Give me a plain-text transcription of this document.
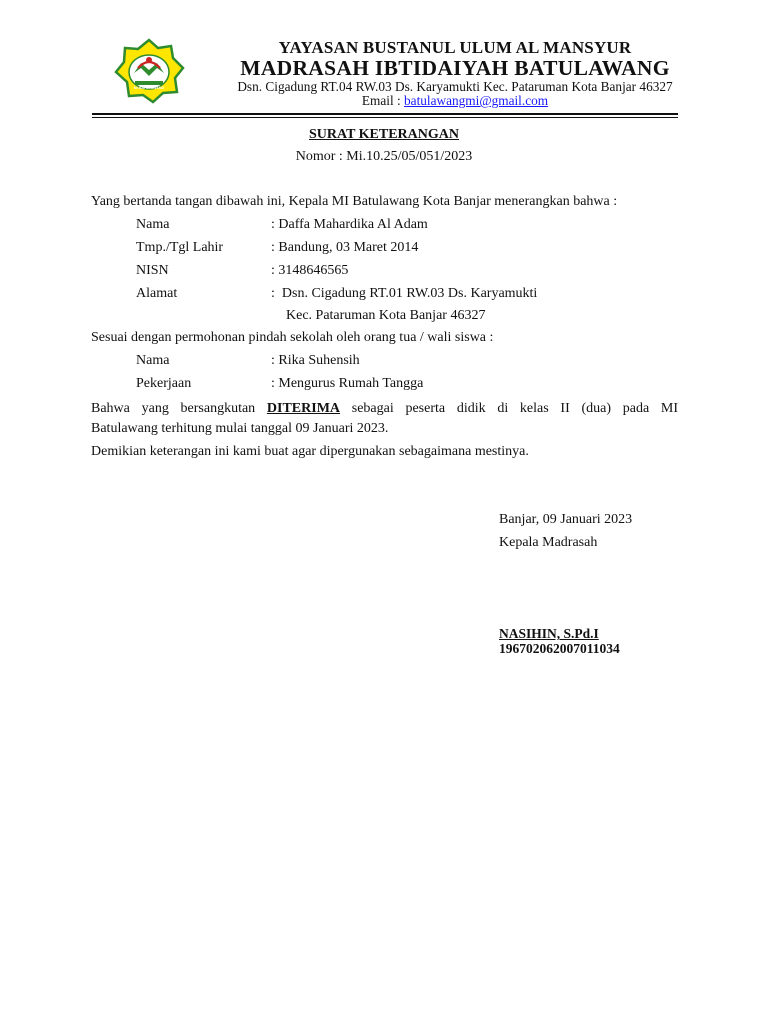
MI BATULAWANG
YAYASAN BUSTANUL ULUM AL MANSYUR
MADRASAH IBTIDAIYAH BATULAWANG
Dsn. Cigadung RT.04 RW.03 Ds. Karyamukti Kec. Pataruman Kota Banjar 46327
Email : batulawangmi@gmail.com
SURAT KETERANGAN
Nomor : Mi.10.25/05/051/2023
Yang bertanda tangan dibawah ini, Kepala MI Batulawang Kota Banjar menerangkan bahwa :
Nama	: Daffa Mahardika Al Adam
Tmp./Tgl Lahir	: Bandung, 03 Maret 2014
NISN	: 3148646565
Alamat	:  Dsn. Cigadung RT.01 RW.03 Ds. Karyamukti
Kec. Pataruman Kota Banjar 46327
Sesuai dengan permohonan pindah sekolah oleh orang tua / wali siswa :
Nama	: Rika Suhensih
Pekerjaan	: Mengurus Rumah Tangga
Bahwa yang bersangkutan DITERIMA sebagai peserta didik di kelas II (dua) pada MI
Batulawang terhitung mulai tanggal 09 Januari 2023.
Demikian keterangan ini kami buat agar dipergunakan sebagaimana mestinya.
Banjar, 09 Januari 2023
Kepala Madrasah
NASIHIN, S.Pd.I
196702062007011034
